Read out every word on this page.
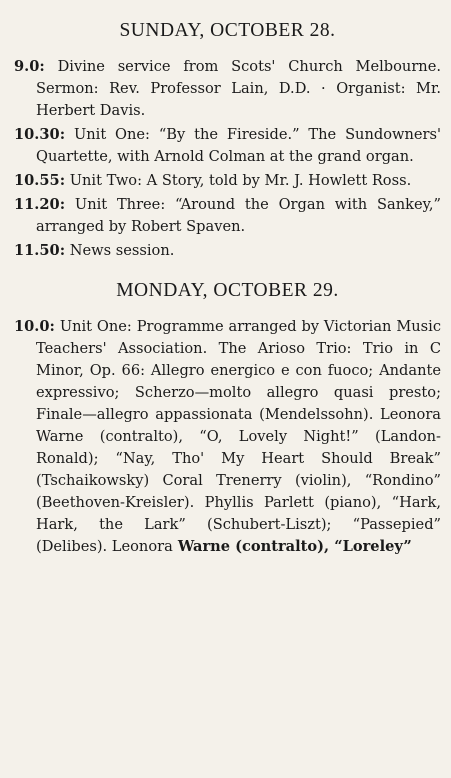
SUNDAY, OCTOBER 28.

9.0: Divine service from Scots' Church Melbourne. Sermon: Rev. Professor Lain, D.D. · Organist: Mr. Herbert Davis.

10.30: Unit One: “By the Fireside.” The Sundowners' Quartette, with Arnold Colman at the grand organ.

10.55: Unit Two: A Story, told by Mr. J. Howlett Ross.

11.20: Unit Three: “Around the Organ with Sankey,” arranged by Robert Spaven.

11.50: News session.

MONDAY, OCTOBER 29.

10.0: Unit One: Programme arranged by Victorian Music Teachers' Association. The Arioso Trio: Trio in C Minor, Op. 66: Allegro energico e con fuoco; Andante expressivo; Scherzo—molto allegro quasi presto; Finale—allegro appassionata (Mendelssohn). Leonora Warne (contralto), “O, Lovely Night!” (Landon-Ronald); “Nay, Tho' My Heart Should Break” (Tschaikowsky) Coral Trenerry (violin), “Rondino” (Beethoven-Kreisler). Phyllis Parlett (piano), “Hark, Hark, the Lark” (Schubert-Liszt); “Passepied” (Delibes). Leonora Warne (contralto), “Loreley”
